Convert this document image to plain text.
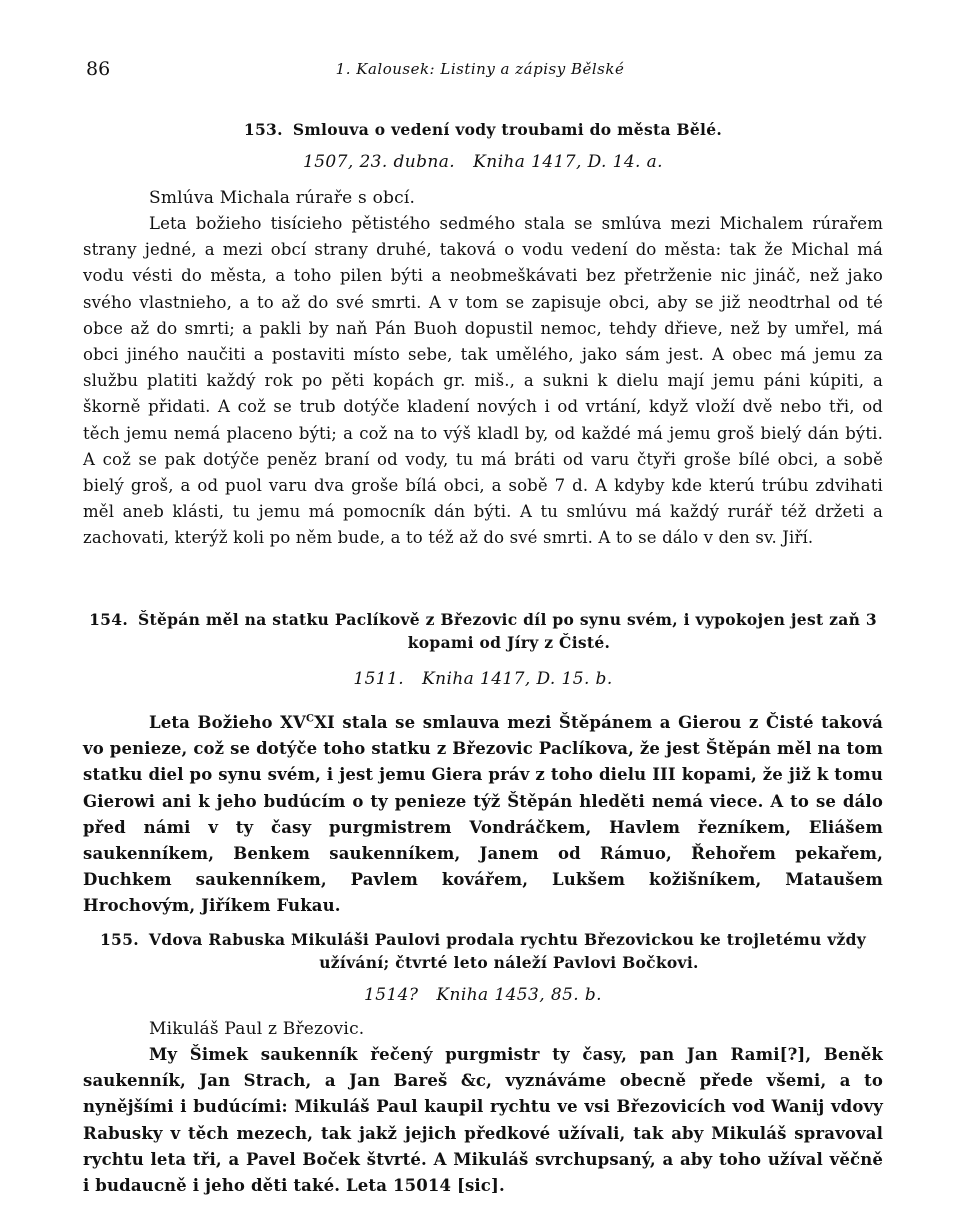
86	1. Kalousek: Listiny a zápisy Bělské
153. Smlouva o vedení vody troubami do města Bělé.
1507, 23. dubna. Kniha 1417, D. 14. a.
Smlúva Michala rúraře s obcí.

Leta božieho tisícieho pětistého sedmého stala se smlúva mezi Michalem rúrařem strany jedné, a mezi obcí strany druhé, taková o vodu vedení do města: tak že Michal má vodu vésti do města, a toho pilen býti a neobmeškávati bez přetrženie nic jináč, než jako svého vlastnieho, a to až do své smrti. A v tom se zapisuje obci, aby se již neodtrhal od té obce až do smrti; a pakli by naň Pán Buoh dopustil nemoc, tehdy dřieve, než by umřel, má obci jiného naučiti a postaviti místo sebe, tak umělého, jako sám jest. A obec má jemu za službu platiti každý rok po pěti kopách gr. miš., a sukni k dielu mají jemu páni kúpiti, a škorně přidati. A což se trub dotýče kladení nových i od vrtání, když vloží dvě nebo tři, od těch jemu nemá placeno býti; a což na to výš kladl by, od každé má jemu groš bielý dán býti. A což se pak dotýče peněz braní od vody, tu má bráti od varu čtyři groše bílé obci, a sobě bielý groš, a od puol varu dva groše bílá obci, a sobě 7 d. A kdyby kde kterú trúbu zdvihati měl aneb klásti, tu jemu má pomocník dán býti. A tu smlúvu má každý rurář též držeti a zachovati, kterýž koli po něm bude, a to též až do své smrti. A to se dálo v den sv. Jiří.

154. Štěpán měl na statku Paclíkově z Březovic díl po synu svém, i vypokojen jest zaň 3 kopami od Jíry z Čisté.
1511. Kniha 1417, D. 15. b.

Leta Božieho $XV^CXI$ stala se smlauva mezi Štěpánem a Gierou z Čisté taková vo penieze, což se dotýče toho statku z Březovic Paclíkova, že jest Štěpán měl na tom statku diel po synu svém, i jest jemu Giera práv z toho dielu III kopami, že již k tomu Gierowi ani k jeho budúcím o ty penieze týž Štěpán hleděti nemá viece. A to se dálo před námi v ty časy purgmistrem Vondráčkem, Havlem řezníkem, Eliášem saukenníkem, Benkem saukenníkem, Janem od Rámuo, Řehořem pekařem, Duchkem saukenníkem, Pavlem kovářem, Lukšem kožišníkem, Mataušem Hrochovým, Jiříkem Fukau.

155. Vdova Rabuska Mikuláši Paulovi prodala rychtu Březovickou ke trojletému vždy užívání; čtvrté leto náleží Pavlovi Bočkovi.
1514? Kniha 1453, 85. b.
Mikuláš Paul z Březovic.

My Šimek saukenník řečený purgmistr ty časy, pan Jan Rami[?], Beněk saukenník, Jan Strach, a Jan Bareš &c, vyznáváme obecně přede všemi, a to nynějšími i budúcími: Mikuláš Paul kaupil rychtu ve vsi Březovicích vod Wanij vdovy Rabusky v těch mezech, tak jakž jejich předkové užívali, tak aby Mikuláš spravoval rychtu leta tři, a Pavel Boček štvrté. A Mikuláš svrchupsaný, a aby toho užíval věčně i budaucně i jeho děti také. Leta 15014 [sic].
